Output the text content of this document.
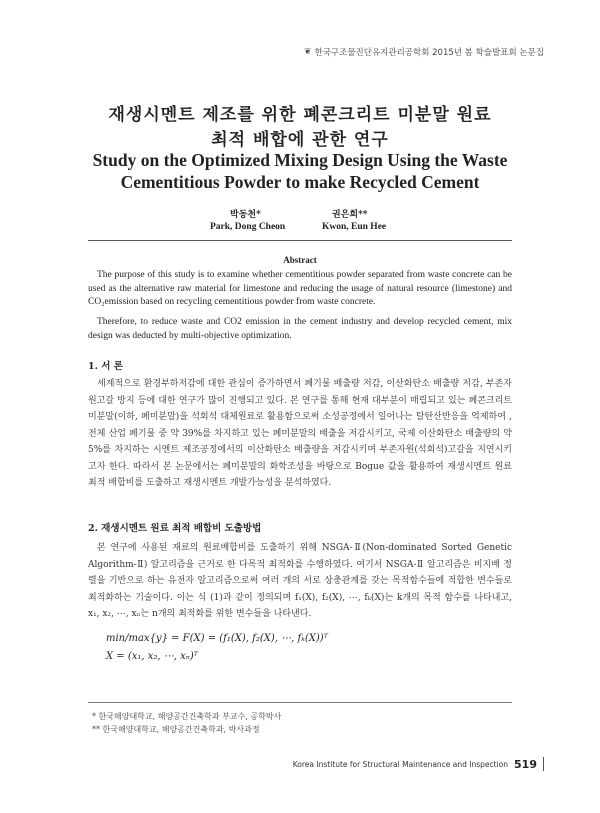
❦ 한국구조물진단유지관리공학회 2015년 봄 학술발표회 논문집
재생시멘트 제조를 위한 폐콘크리트 미분말 원료
최적 배합에 관한 연구
Study on the Optimized Mixing Design Using the Waste
Cementitious Powder to make Recycled Cement
박동천*	권은희**
Park, Dong Cheon	Kwon, Eun Hee
Abstract
The purpose of this study is to examine whether cementitious powder separated from waste concrete can be used as the alternative raw material for limestone and reducing the usage of natural resource (limestone) and CO₂emission based on recycling cementitious powder from waste concrete.
Therefore, to reduce waste and CO2 emission in the cement industry and develop recycled cement, mix design was deducted by multi-objective optimization.
1. 서 론
세계적으로 환경부하저감에 대한 관심이 증가하면서 폐기물 배출량 저감, 이산화탄소 배출량 저감, 부존자원고갈 방지 등에 대한 연구가 많이 진행되고 있다. 본 연구를 통해 현재 대부분이 매립되고 있는 폐콘크리트 미분말(이하, 폐미분말)을 석회석 대체원료로 활용함으로써 소성공정에서 일어나는 탈탄산반응을 억제하여 , 전체 산업 폐기물 중 약 39%를 차지하고 있는 폐미분말의 배출을 저감시키고, 국제 이산화탄소 배출량의 약 5%를 차지하는 시멘트 제조공정에서의 이산화탄소 배출량을 저감시키며 부존자원(석회석)고갈을 지연시키고자 한다. 따라서 본 논문에서는 폐미분말의 화학조성을 바탕으로 Bogue 값을 활용하여 재생시멘트 원료 최적 배합비를 도출하고 재생시멘트 개발가능성을 분석하였다.
2. 재생시멘트 원료 최적 배합비 도출방법
본 연구에 사용된 재료의 원료배합비를 도출하기 위해 NSGA-Ⅱ(Non-dominated Sorted Genetic Algorithm-Ⅱ) 알고리즘을 근거로 한 다목적 최적화를 수행하였다. 여기서 NSGA-Ⅱ 알고리즘은 비지배 정렬을 기반으로 하는 유전자 알고리즘으로써 여러 개의 서로 상충관계를 갖는 목적함수들에 적합한 변수들로 최적화하는 기술이다. 이는 식 (1)과 같이 정의되며 f₁(X), f₂(X), ⋯, fₖ(X)는 k개의 목적 함수를 나타내고, x₁, x₂, ⋯, xₙ는 n개의 최적화를 위한 변수들을 나타낸다.
min/max{y} = F(X) = (f₁(X), f₂(X), ⋯, fₖ(X))ᵀ
X = (x₁, x₂, ⋯, xₙ)ᵀ
* 한국해양대학교, 해양공간건축학과 부교수, 공학박사
** 한국해양대학교, 해양공간건축학과, 박사과정
Korea Institute for Structural Maintenance and Inspection 519
